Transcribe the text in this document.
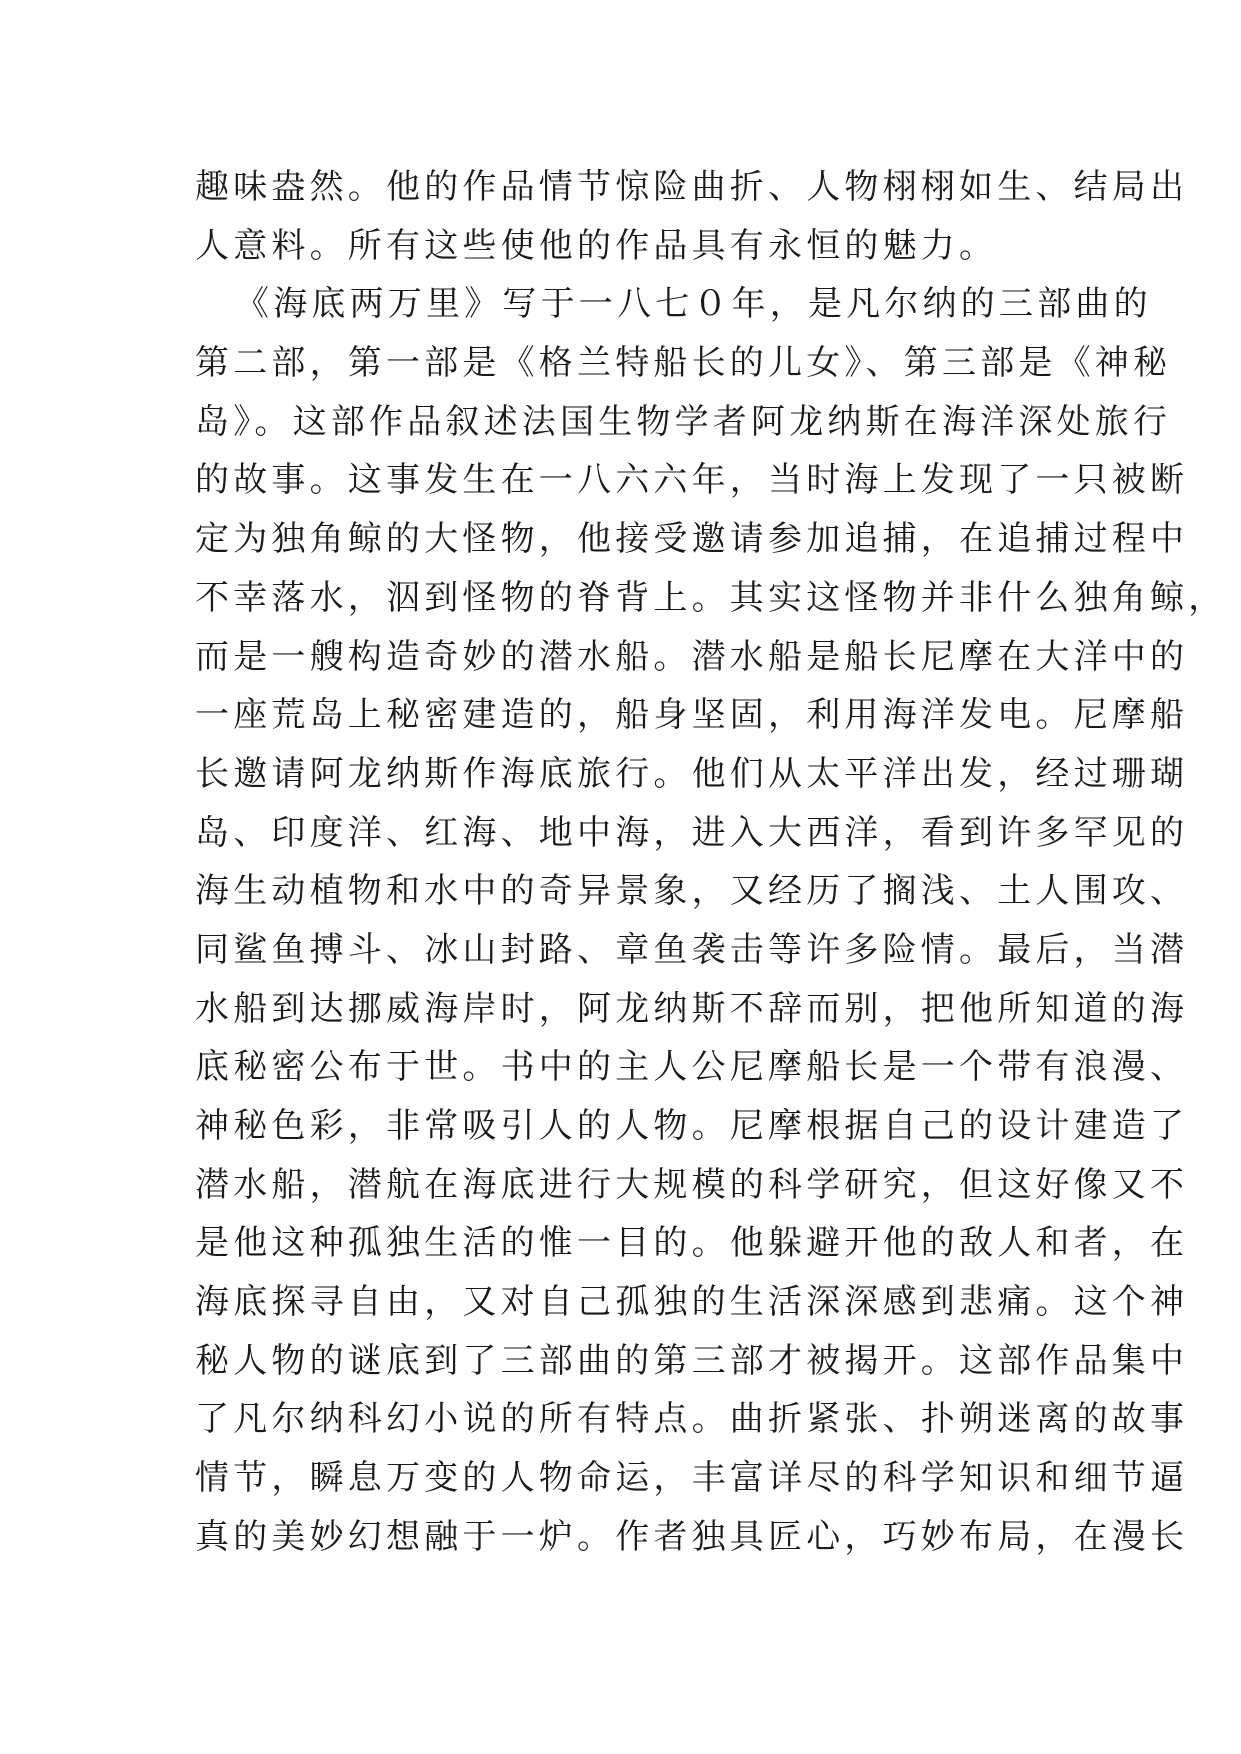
趣味盎然。他的作品情节惊险曲折、人物栩栩如生、结局出
人意料。所有这些使他的作品具有永恒的魅力。
《海底两万里》写于一八七０年，是凡尔纳的三部曲的
第二部，第一部是《格兰特船长的儿女》、第三部是《神秘
岛》。这部作品叙述法国生物学者阿龙纳斯在海洋深处旅行
的故事。这事发生在一八六六年，当时海上发现了一只被断
定为独角鲸的大怪物，他接受邀请参加追捕，在追捕过程中
不幸落水，泅到怪物的脊背上。其实这怪物并非什么独角鲸，
而是一艘构造奇妙的潜水船。潜水船是船长尼摩在大洋中的
一座荒岛上秘密建造的，船身坚固，利用海洋发电。尼摩船
长邀请阿龙纳斯作海底旅行。他们从太平洋出发，经过珊瑚
岛、印度洋、红海、地中海，进入大西洋，看到许多罕见的
海生动植物和水中的奇异景象，又经历了搁浅、土人围攻、
同鲨鱼搏斗、冰山封路、章鱼袭击等许多险情。最后，当潜
水船到达挪威海岸时，阿龙纳斯不辞而别，把他所知道的海
底秘密公布于世。书中的主人公尼摩船长是一个带有浪漫、
神秘色彩，非常吸引人的人物。尼摩根据自己的设计建造了
潜水船，潜航在海底进行大规模的科学研究，但这好像又不
是他这种孤独生活的惟一目的。他躲避开他的敌人和者，在
海底探寻自由，又对自己孤独的生活深深感到悲痛。这个神
秘人物的谜底到了三部曲的第三部才被揭开。这部作品集中
了凡尔纳科幻小说的所有特点。曲折紧张、扑朔迷离的故事
情节，瞬息万变的人物命运，丰富详尽的科学知识和细节逼
真的美妙幻想融于一炉。作者独具匠心，巧妙布局，在漫长
